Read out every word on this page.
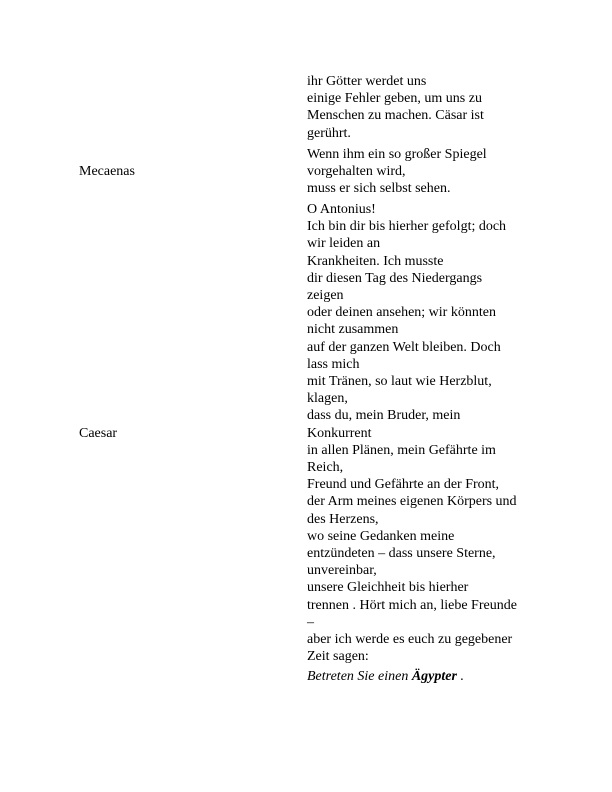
ihr Götter werdet uns
einige Fehler geben, um uns zu
Menschen zu machen. Cäsar ist
gerührt.
Mecaenas
Wenn ihm ein so großer Spiegel
vorgehalten wird,
muss er sich selbst sehen.
Caesar
O Antonius!
Ich bin dir bis hierher gefolgt; doch
wir leiden an
Krankheiten. Ich musste
dir diesen Tag des Niedergangs
zeigen
oder deinen ansehen; wir könnten
nicht zusammen
auf der ganzen Welt bleiben. Doch
lass mich
mit Tränen, so laut wie Herzblut,
klagen,
dass du, mein Bruder, mein
Konkurrent
in allen Plänen, mein Gefährte im
Reich,
Freund und Gefährte an der Front,
der Arm meines eigenen Körpers und
des Herzens,
wo seine Gedanken meine
entzündeten – dass unsere Sterne,
unvereinbar,
unsere Gleichheit bis hierher
trennen . Hört mich an, liebe Freunde
–
aber ich werde es euch zu gegebener
Zeit sagen:
Betreten Sie einen Ägypter .
